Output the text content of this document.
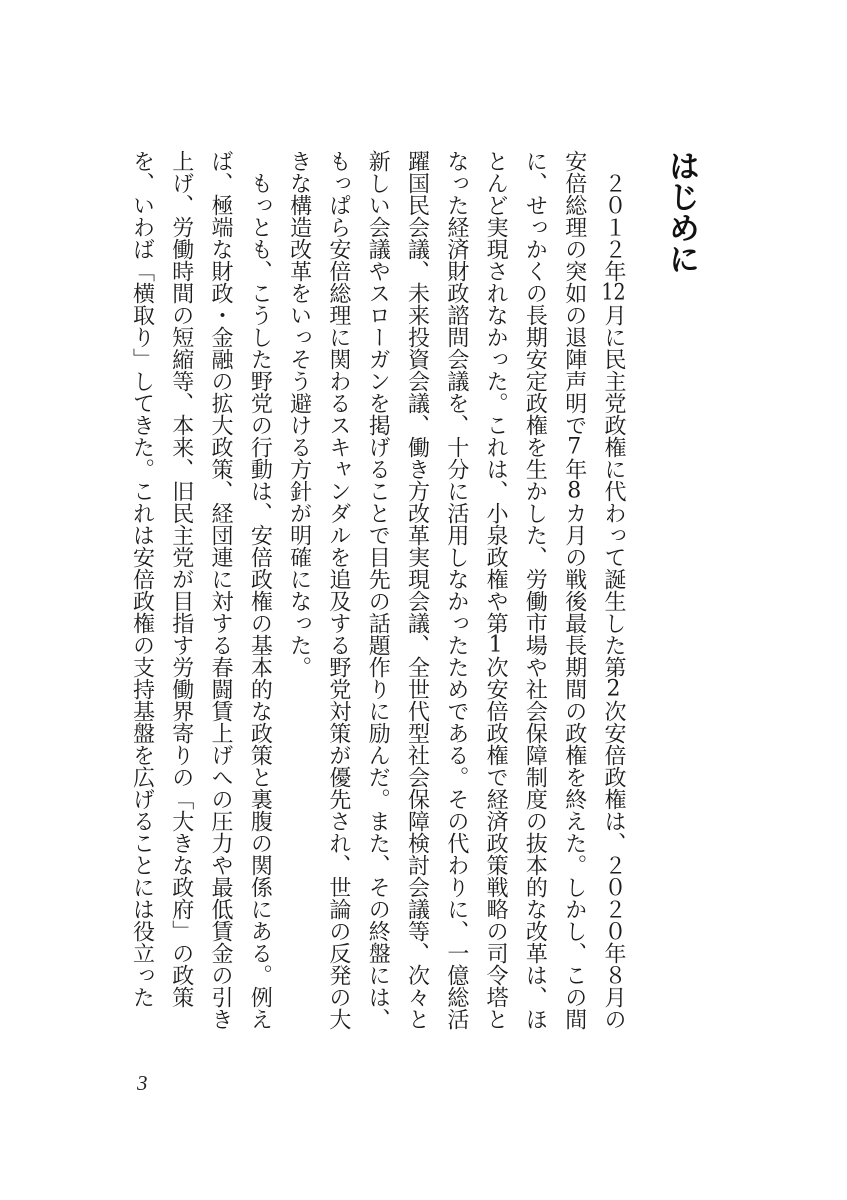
はじめに

２０１２年12月に民主党政権に代わって誕生した第2次安倍政権は、２０２０年８月の

安倍総理の突如の退陣声明で7年8カ月の戦後最長期間の政権を終えた。しかし、この間

に、せっかくの長期安定政権を生かした、労働市場や社会保障制度の抜本的な改革は、ほ

とんど実現されなかった。これは、小泉政権や第1次安倍政権で経済政策戦略の司令塔と

なった経済財政諮問会議を、十分に活用しなかったためである。その代わりに、一億総活

躍国民会議、未来投資会議、働き方改革実現会議、全世代型社会保障検討会議等、次々と

新しい会議やスローガンを掲げることで目先の話題作りに励んだ。また、その終盤には、

もっぱら安倍総理に関わるスキャンダルを追及する野党対策が優先され、世論の反発の大

きな構造改革をいっそう避ける方針が明確になった。

もっとも、こうした野党の行動は、安倍政権の基本的な政策と裏腹の関係にある。例え

ば、極端な財政・金融の拡大政策、経団連に対する春闘賃上げへの圧力や最低賃金の引き

上げ、労働時間の短縮等、本来、旧民主党が目指す労働界寄りの「大きな政府」の政策

を、いわば「横取り」してきた。これは安倍政権の支持基盤を広げることには役立った

3
